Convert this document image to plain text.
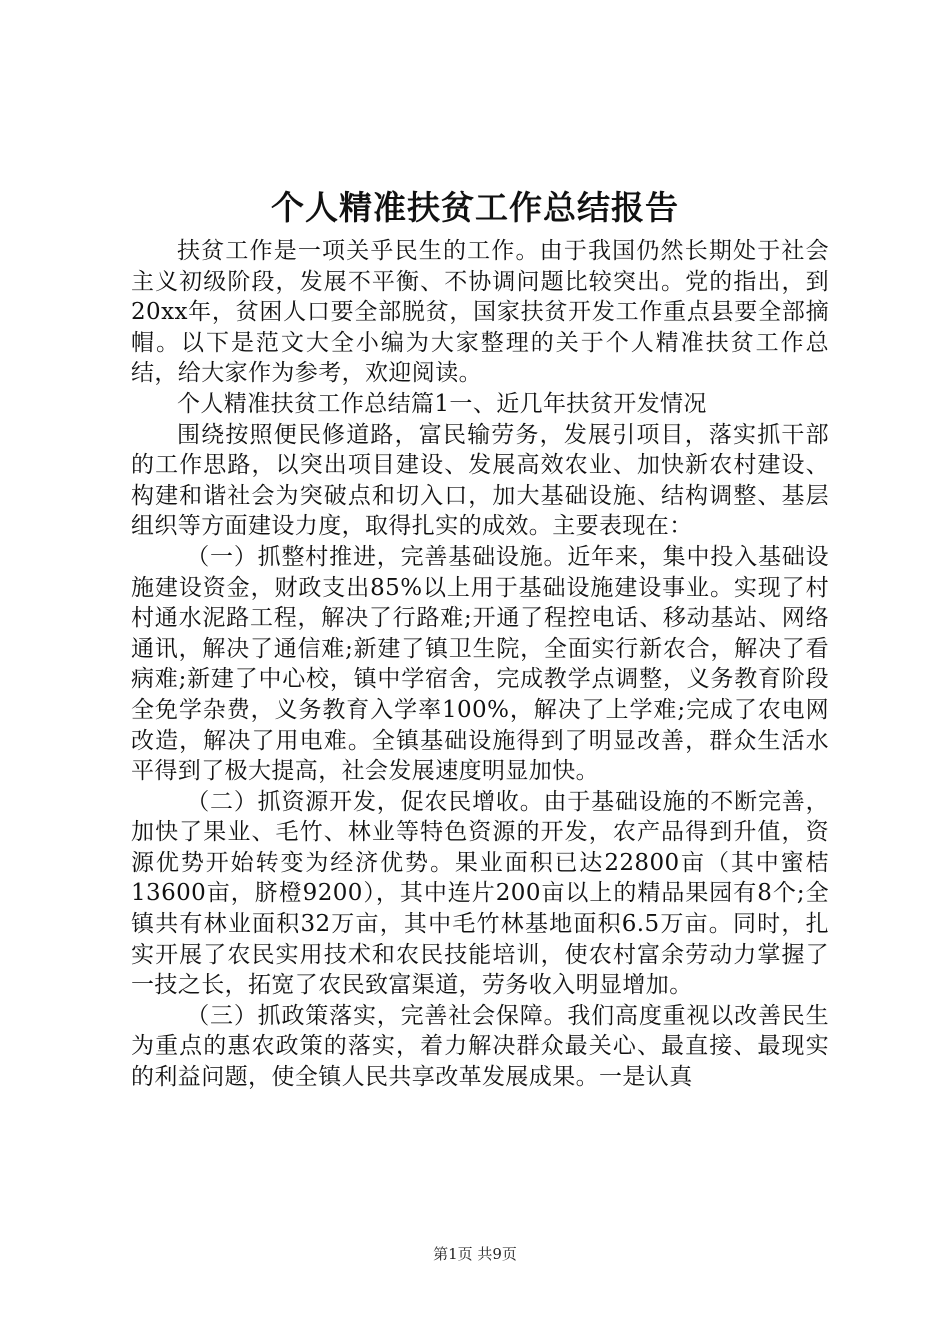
个人精准扶贫工作总结报告

扶贫工作是一项关乎民生的工作。由于我国仍然长期处于社会主义初级阶段，发展不平衡、不协调问题比较突出。党的指出，到20xx年，贫困人口要全部脱贫，国家扶贫开发工作重点县要全部摘帽。以下是范文大全小编为大家整理的关于个人精准扶贫工作总结，给大家作为参考，欢迎阅读。

个人精准扶贫工作总结篇1一、近几年扶贫开发情况

围绕按照便民修道路，富民输劳务，发展引项目，落实抓干部的工作思路，以突出项目建设、发展高效农业、加快新农村建设、构建和谐社会为突破点和切入口，加大基础设施、结构调整、基层组织等方面建设力度，取得扎实的成效。主要表现在：

（一）抓整村推进，完善基础设施。近年来，集中投入基础设施建设资金，财政支出85%以上用于基础设施建设事业。实现了村村通水泥路工程，解决了行路难;开通了程控电话、移动基站、网络通讯，解决了通信难;新建了镇卫生院，全面实行新农合，解决了看病难;新建了中心校，镇中学宿舍，完成教学点调整，义务教育阶段全免学杂费，义务教育入学率100%，解决了上学难;完成了农电网改造，解决了用电难。全镇基础设施得到了明显改善，群众生活水平得到了极大提高，社会发展速度明显加快。

（二）抓资源开发，促农民增收。由于基础设施的不断完善，加快了果业、毛竹、林业等特色资源的开发，农产品得到升值，资源优势开始转变为经济优势。果业面积已达22800亩（其中蜜桔13600亩，脐橙9200），其中连片200亩以上的精品果园有8个;全镇共有林业面积32万亩，其中毛竹林基地面积6.5万亩。同时，扎实开展了农民实用技术和农民技能培训，使农村富余劳动力掌握了一技之长，拓宽了农民致富渠道，劳务收入明显增加。

（三）抓政策落实，完善社会保障。我们高度重视以改善民生为重点的惠农政策的落实，着力解决群众最关心、最直接、最现实的利益问题，使全镇人民共享改革发展成果。一是认真

第1页 共9页
